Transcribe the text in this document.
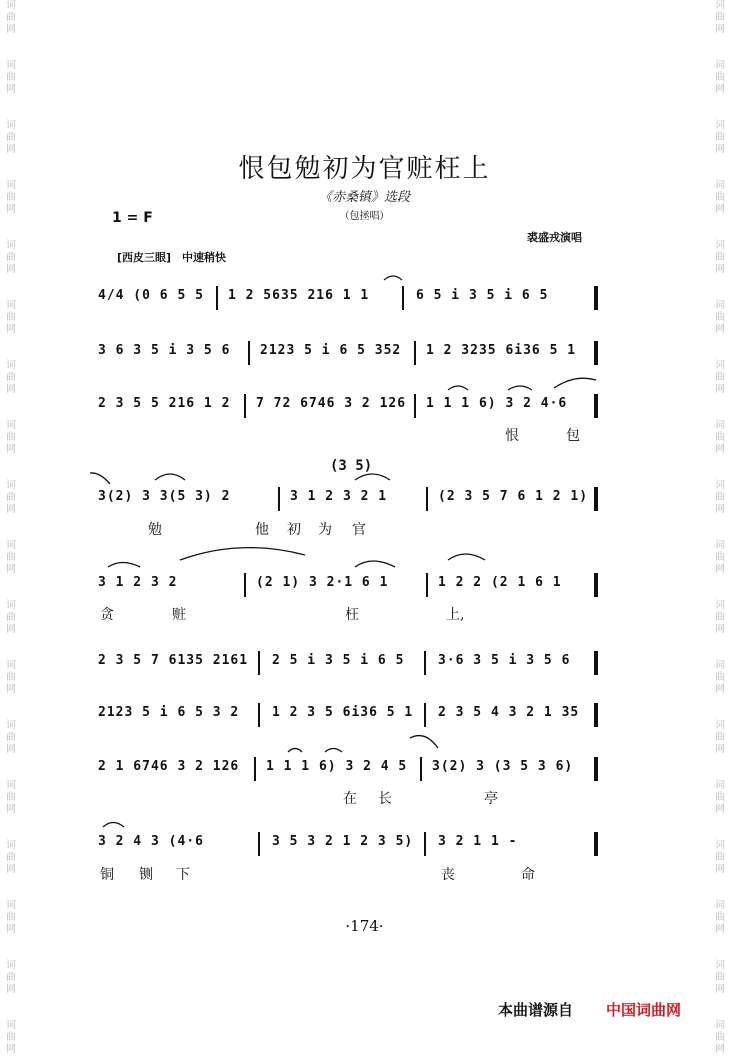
词
曲
网
词
曲
网
词
曲
网
词
曲
网
词
曲
网
词
曲
网
词
曲
网
词
曲
网
词
曲
网
词
曲
网
词
曲
网
词
曲
网
词
曲
网
词
曲
网
词
曲
网
词
曲
网
词
曲
网
词
曲
网
词
曲
网
词
曲
网
词
曲
网
词
曲
网
词
曲
网
词
曲
网
词
曲
网
词
曲
网
词
曲
网
词
曲
网
词
曲
网
词
曲
网
词
曲
网
词
曲
网
词
曲
网
词
曲
网
词
曲
网
词
曲
网
恨包勉初为官赃枉上
《赤桑镇》选段
（包拯唱）
1 = F
裘盛戎演唱
[西皮三眼]　中速稍快
4/4 (0 6 5 5 1 2 5635 216 1 1	6 5 i 3 5 i 6 5
3 6 3 5 i 3 5 6 2123 5 i 6 5 352 1 2 3235 6i36 5 1
2 3 5 5 216 1 2 7 72 6746 3 2 126 1 1 1 6) 3 2 4·6
恨	包
(3 5)
3(2) 3 3(5 3) 2	3 1 2 3 2 1	(2 3 5 7 6 1 2 1)
勉	他 初 为 官
3 1 2 3 2	(2 1) 3 2·1 6 1	1 2 2 (2 1 6 1
贪	赃	枉	上,
2 3 5 7 6135 2161 2 5 i 3 5 i 6 5	3·6 3 5 i 3 5 6
2123 5 i 6 5 3 2	1 2 3 5 6i36 5 1 2 3 5 4 3 2 1 35
2 1 6746 3 2 126 1 1 1 6) 3 2 4 5 3(2) 3 (3 5 3 6)
在 长	亭
3 2 4 3 (4·6	3 5 3 2 1 2 3 5) 3 2 1 1 -
铜 铡 下	丧	命
·174·
本曲谱源自 中国词曲网
